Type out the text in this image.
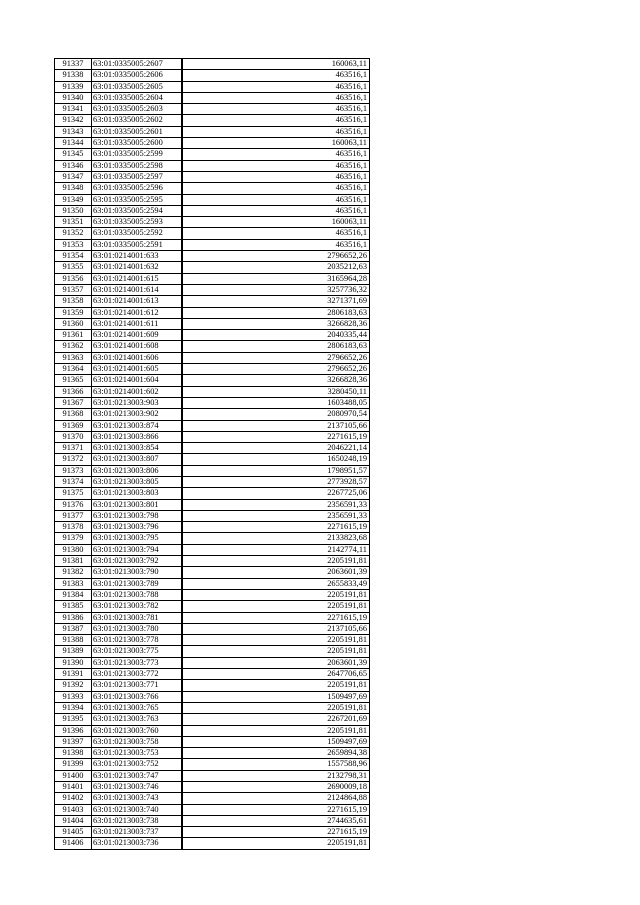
91337	63:01:0335005:2607	160063,11
91338	63:01:0335005:2606	463516,1
91339	63:01:0335005:2605	463516,1
91340	63:01:0335005:2604	463516,1
91341	63:01:0335005:2603	463516,1
91342	63:01:0335005:2602	463516,1
91343	63:01:0335005:2601	463516,1
91344	63:01:0335005:2600	160063,11
91345	63:01:0335005:2599	463516,1
91346	63:01:0335005:2598	463516,1
91347	63:01:0335005:2597	463516,1
91348	63:01:0335005:2596	463516,1
91349	63:01:0335005:2595	463516,1
91350	63:01:0335005:2594	463516,1
91351	63:01:0335005:2593	160063,11
91352	63:01:0335005:2592	463516,1
91353	63:01:0335005:2591	463516,1
91354	63:01:0214001:633	2796652,26
91355	63:01:0214001:632	2035212,63
91356	63:01:0214001:615	3165964,28
91357	63:01:0214001:614	3257736,32
91358	63:01:0214001:613	3271371,69
91359	63:01:0214001:612	2806183,63
91360	63:01:0214001:611	3266828,36
91361	63:01:0214001:609	2040335,44
91362	63:01:0214001:608	2806183,63
91363	63:01:0214001:606	2796652,26
91364	63:01:0214001:605	2796652,26
91365	63:01:0214001:604	3266828,36
91366	63:01:0214001:602	3280450,11
91367	63:01:0213003:903	1603488,05
91368	63:01:0213003:902	2080970,54
91369	63:01:0213003:874	2137105,66
91370	63:01:0213003:866	2271615,19
91371	63:01:0213003:854	2046221,14
91372	63:01:0213003:807	1650248,19
91373	63:01:0213003:806	1798951,57
91374	63:01:0213003:805	2773928,57
91375	63:01:0213003:803	2267725,06
91376	63:01:0213003:801	2356591,33
91377	63:01:0213003:798	2356591,33
91378	63:01:0213003:796	2271615,19
91379	63:01:0213003:795	2133823,68
91380	63:01:0213003:794	2142774,11
91381	63:01:0213003:792	2205191,81
91382	63:01:0213003:790	2063601,39
91383	63:01:0213003:789	2655833,49
91384	63:01:0213003:788	2205191,81
91385	63:01:0213003:782	2205191,81
91386	63:01:0213003:781	2271615,19
91387	63:01:0213003:780	2137105,66
91388	63:01:0213003:778	2205191,81
91389	63:01:0213003:775	2205191,81
91390	63:01:0213003:773	2063601,39
91391	63:01:0213003:772	2647706,65
91392	63:01:0213003:771	2205191,81
91393	63:01:0213003:766	1509497,69
91394	63:01:0213003:765	2205191,81
91395	63:01:0213003:763	2267201,69
91396	63:01:0213003:760	2205191,81
91397	63:01:0213003:758	1509497,69
91398	63:01:0213003:753	2659894,38
91399	63:01:0213003:752	1557588,96
91400	63:01:0213003:747	2132798,31
91401	63:01:0213003:746	2690009,18
91402	63:01:0213003:743	2124864,88
91403	63:01:0213003:740	2271615,19
91404	63:01:0213003:738	2744635,61
91405	63:01:0213003:737	2271615,19
91406	63:01:0213003:736	2205191,81
